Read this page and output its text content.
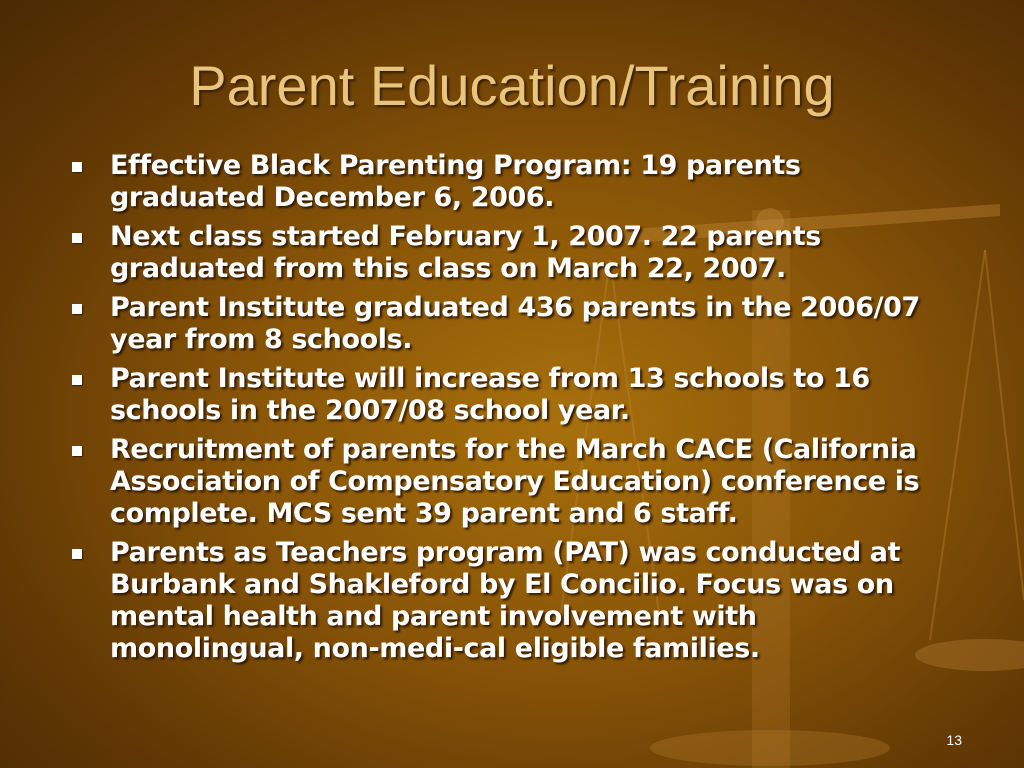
Parent Education/Training
Effective Black Parenting Program: 19 parents graduated December 6, 2006.
Next class started February 1, 2007. 22 parents graduated from this class on March 22, 2007.
Parent Institute graduated 436 parents in the 2006/07 year from 8 schools.
Parent Institute will increase from 13 schools to 16 schools in the 2007/08 school year.
Recruitment of parents for the March CACE (California Association of Compensatory Education) conference is complete. MCS sent 39 parent and 6 staff.
Parents as Teachers program (PAT) was conducted at Burbank and Shakleford by El Concilio. Focus was on mental health and parent involvement with monolingual, non-medi-cal eligible families.
13
